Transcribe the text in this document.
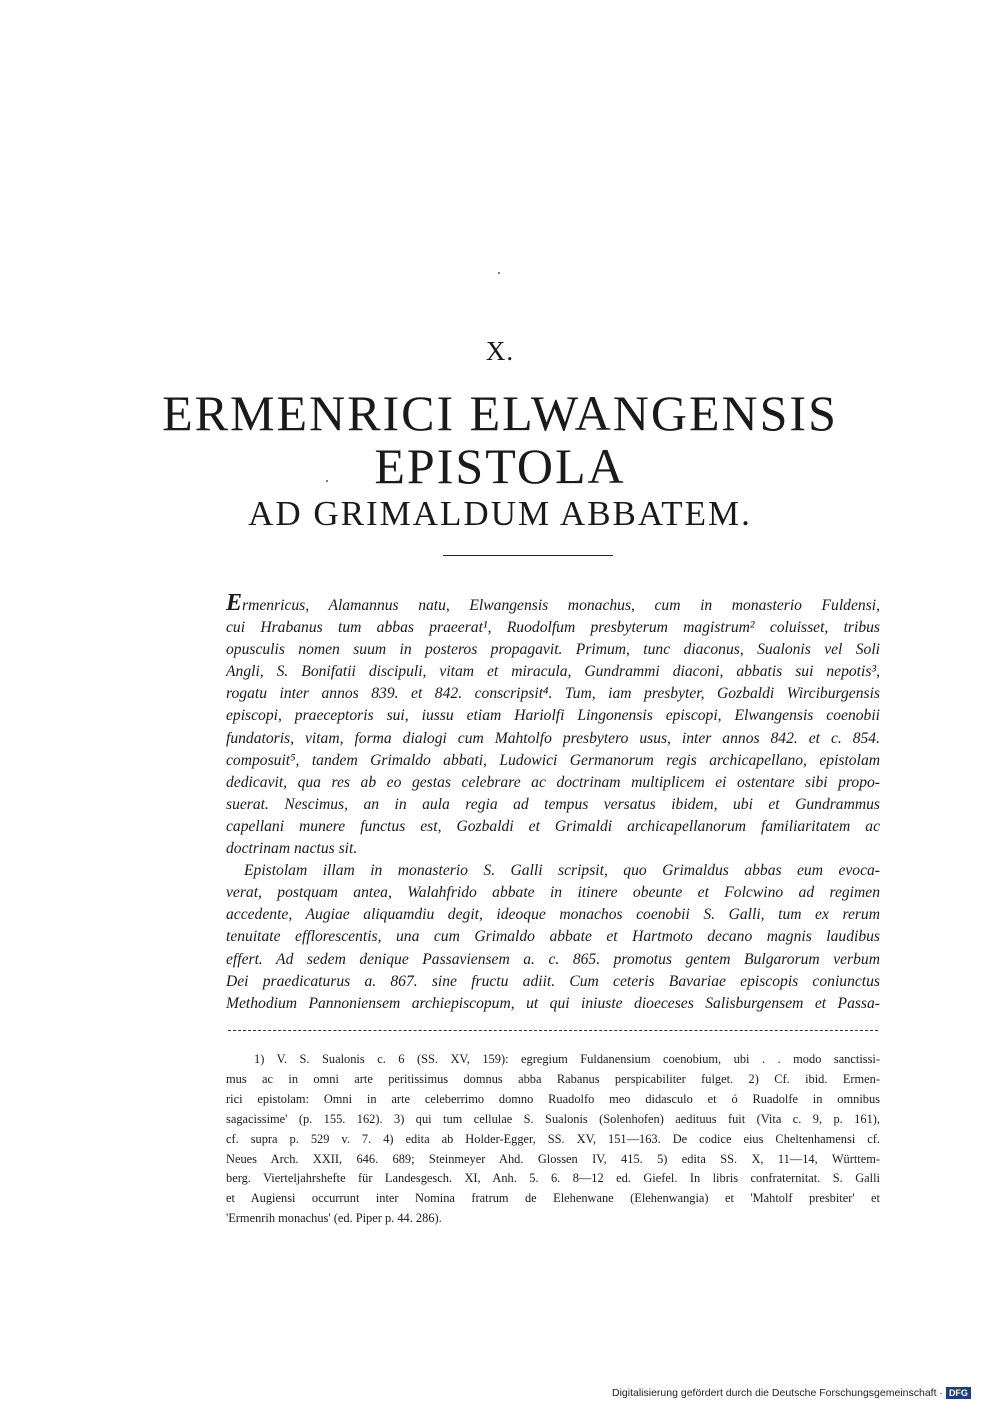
X.
ERMENRICI ELWANGENSIS
EPISTOLA
AD GRIMALDUM ABBATEM.

Ermenricus, Alamannus natu, Elwangensis monachus, cum in monasterio Fuldensi,
cui Hrabanus tum abbas praeerat¹, Ruodolfum presbyterum magistrum² coluisset, tribus
opusculis nomen suum in posteros propagavit. Primum, tunc diaconus, Sualonis vel Soli
Angli, S. Bonifatii discipuli, vitam et miracula, Gundrammi diaconi, abbatis sui nepotis³,
rogatu inter annos 839. et 842. conscripsit⁴. Tum, iam presbyter, Gozbaldi Wirciburgensis
episcopi, praeceptoris sui, iussu etiam Hariolfi Lingonensis episcopi, Elwangensis coenobii
fundatoris, vitam, forma dialogi cum Mahtolfo presbytero usus, inter annos 842. et c. 854.
composuit⁵, tandem Grimaldo abbati, Ludowici Germanorum regis archicapellano, epistolam
dedicavit, qua res ab eo gestas celebrare ac doctrinam multiplicem ei ostentare sibi propo-
suerat. Nescimus, an in aula regia ad tempus versatus ibidem, ubi et Gundrammus
capellani munere functus est, Gozbaldi et Grimaldi archicapellanorum familiaritatem ac
doctrinam nactus sit.

Epistolam illam in monasterio S. Galli scripsit, quo Grimaldus abbas eum evoca-
verat, postquam antea, Walahfrido abbate in itinere obeunte et Folcwino ad regimen
accedente, Augiae aliquamdiu degit, ideoque monachos coenobii S. Galli, tum ex rerum
tenuitate efflorescentis, una cum Grimaldo abbate et Hartmoto decano magnis laudibus
effert. Ad sedem denique Passaviensem a. c. 865. promotus gentem Bulgarorum verbum
Dei praedicaturus a. 867. sine fructu adiit. Cum ceteris Bavariae episcopis coniunctus
Methodium Pannoniensem archiepiscopum, ut qui iniuste dioeceses Salisburgensem et Passa-

1) V. S. Sualonis c. 6 (SS. XV, 159): egregium Fuldanensium coenobium, ubi . . modo sanctissi-
mus ac in omni arte peritissimus domnus abba Rabanus perspicabiliter fulget. 2) Cf. ibid. Ermen-
rici epistolam: Omni in arte celeberrimo domno Ruadolfo meo didasculo et ó Ruadolfe in omnibus
sagacissime' (p. 155. 162). 3) qui tum cellulae S. Sualonis (Solenhofen) aedituus fuit (Vita c. 9, p. 161),
cf. supra p. 529 v. 7. 4) edita ab Holder-Egger, SS. XV, 151—163. De codice eius Cheltenhamensi cf.
Neues Arch. XXII, 646. 689; Steinmeyer Ahd. Glossen IV, 415. 5) edita SS. X, 11—14, Württem-
berg. Vierteljahrshefte für Landesgesch. XI, Anh. 5. 6. 8—12 ed. Giefel. In libris confraternitat. S. Galli
et Augiensi occurrunt inter Nomina fratrum de Elehenwane (Elehenwangia) et 'Mahtolf presbiter' et
'Ermenrih monachus' (ed. Piper p. 44. 286).
Digitalisierung gefördert durch die Deutsche Forschungsgemeinschaft · DFG
